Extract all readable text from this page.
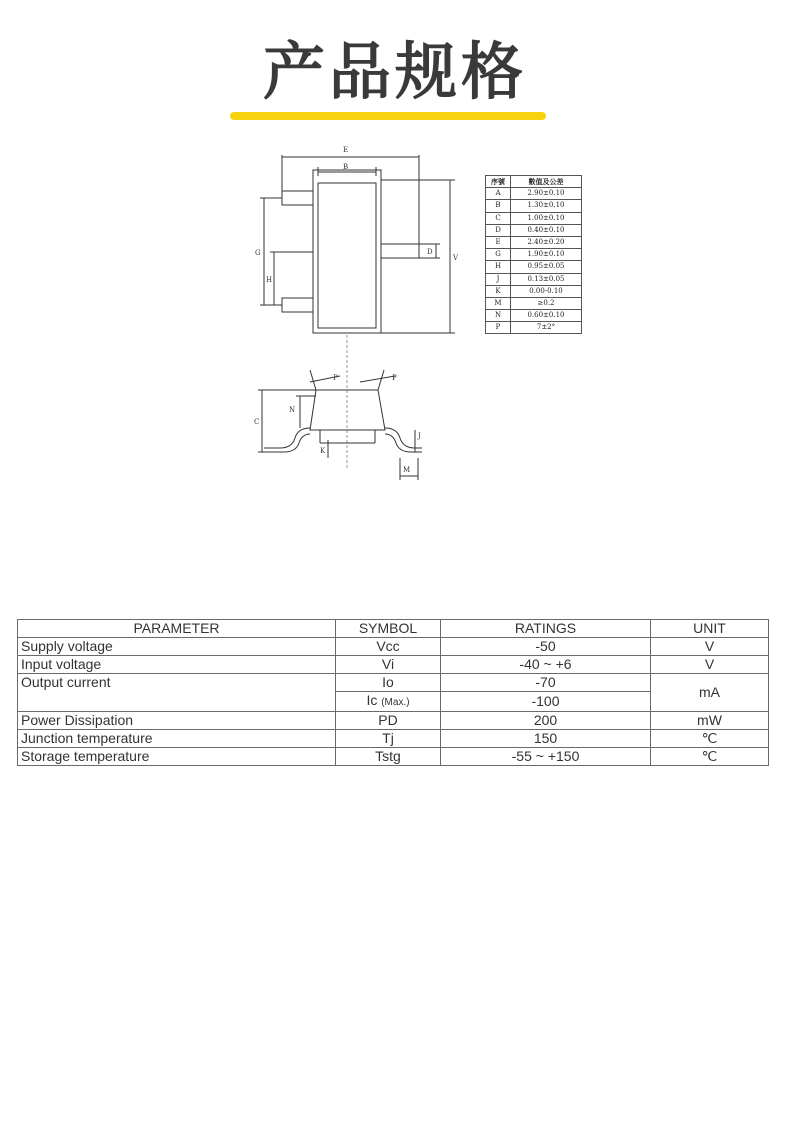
产品规格
E
B
G
H
D
V
P	P
C
N
K
J
M
序號	數值及公差
A	2.90±0.10
B	1.30±0.10
C	1.00±0.10
D	0.40±0.10
E	2.40±0.20
G	1.90±0.10
H	0.95±0.05
J	0.13±0.05
K	0.00-0.10
M	≥0.2
N	0.60±0.10
P	7±2°
PARAMETER	SYMBOL	RATINGS	UNIT
Supply voltage	Vcc	-50	V
Input voltage	Vi	-40 ~ +6	V
Output current	Io	-70	mA
	Ic (Max.)	-100	
Power Dissipation	PD	200	mW
Junction temperature	Tj	150	℃
Storage temperature	Tstg	-55 ~ +150	℃
